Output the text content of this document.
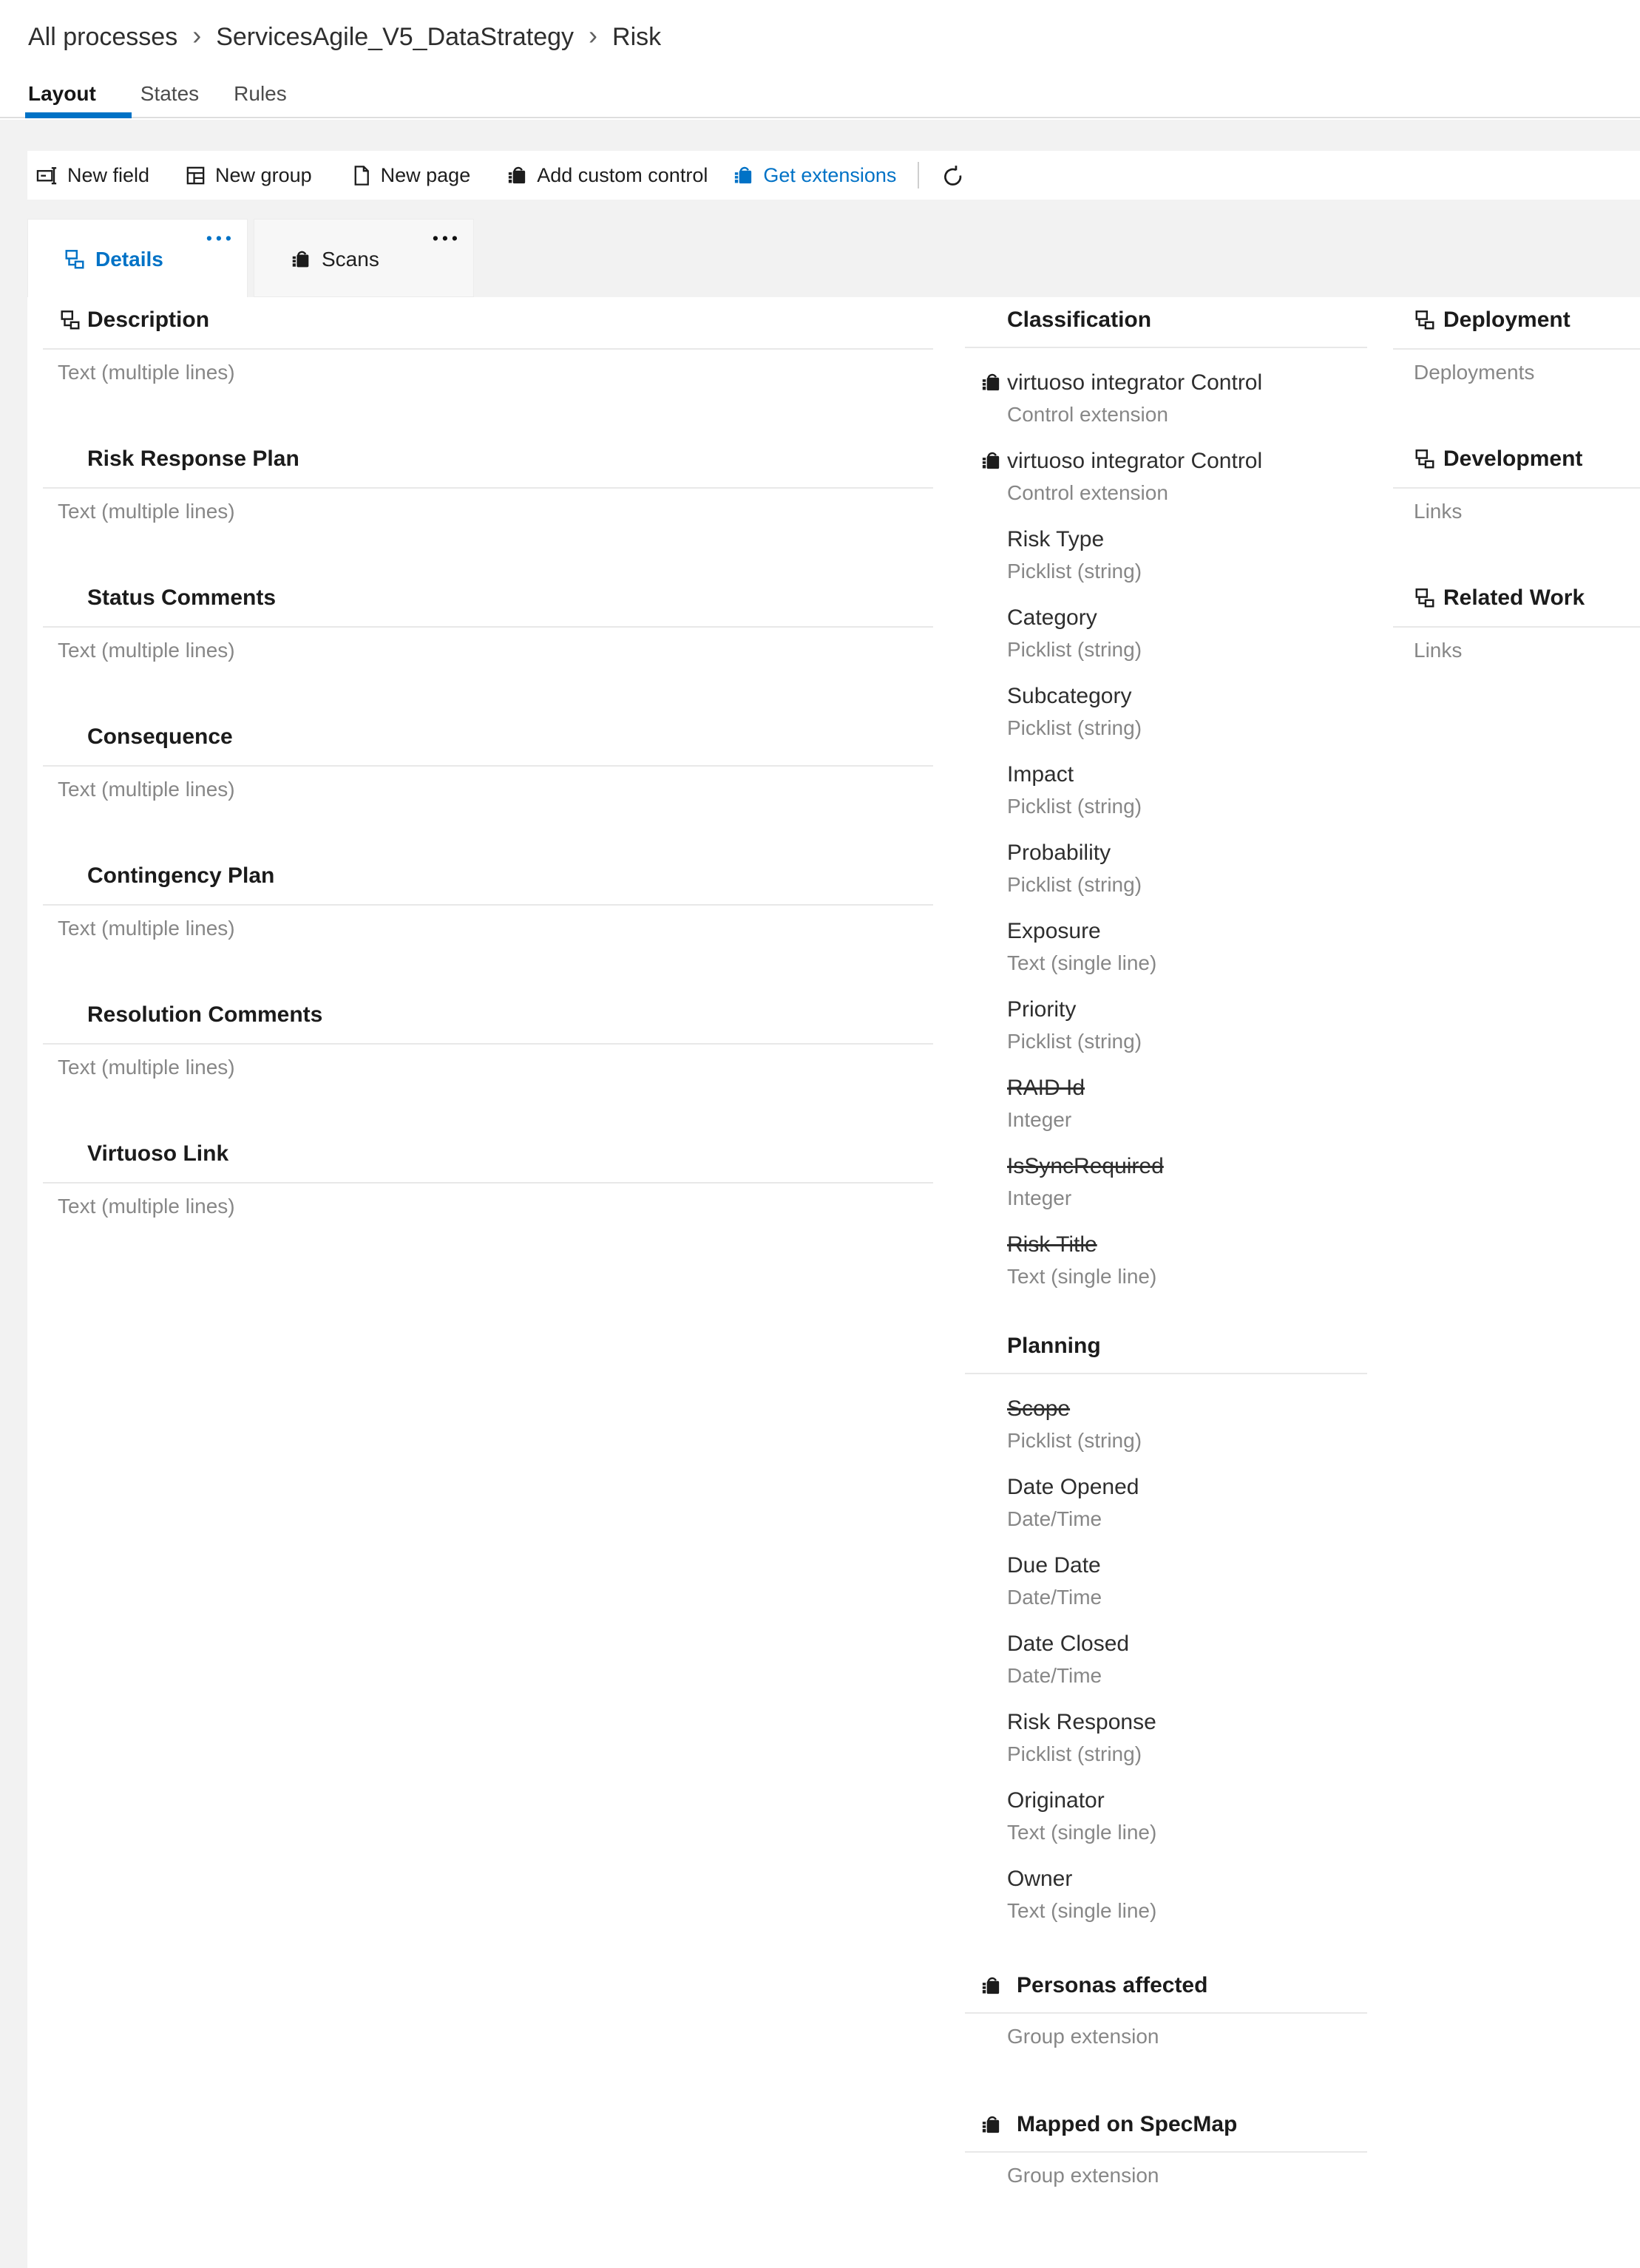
All processes › ServicesAgile_V5_DataStrategy › Risk
Layout States Rules
New field	New group	New page	Add custom control	Get extensions
•••
Details
•••
Scans
Description
Text (multiple lines)
Risk Response Plan
Text (multiple lines)
Status Comments
Text (multiple lines)
Consequence
Text (multiple lines)
Contingency Plan
Text (multiple lines)
Resolution Comments
Text (multiple lines)
Virtuoso Link
Text (multiple lines)
Classification
virtuoso integrator Control
Control extension
virtuoso integrator Control
Control extension
Risk Type
Picklist (string)
Category
Picklist (string)
Subcategory
Picklist (string)
Impact
Picklist (string)
Probability
Picklist (string)
Exposure
Text (single line)
Priority
Picklist (string)
RAID Id
Integer
IsSyncRequired
Integer
Risk Title
Text (single line)
Planning
Scope
Picklist (string)
Date Opened
Date/Time
Due Date
Date/Time
Date Closed
Date/Time
Risk Response
Picklist (string)
Originator
Text (single line)
Owner
Text (single line)
Personas affected
Group extension
Mapped on SpecMap
Group extension
Deployment
Deployments
Development
Links
Related Work
Links
